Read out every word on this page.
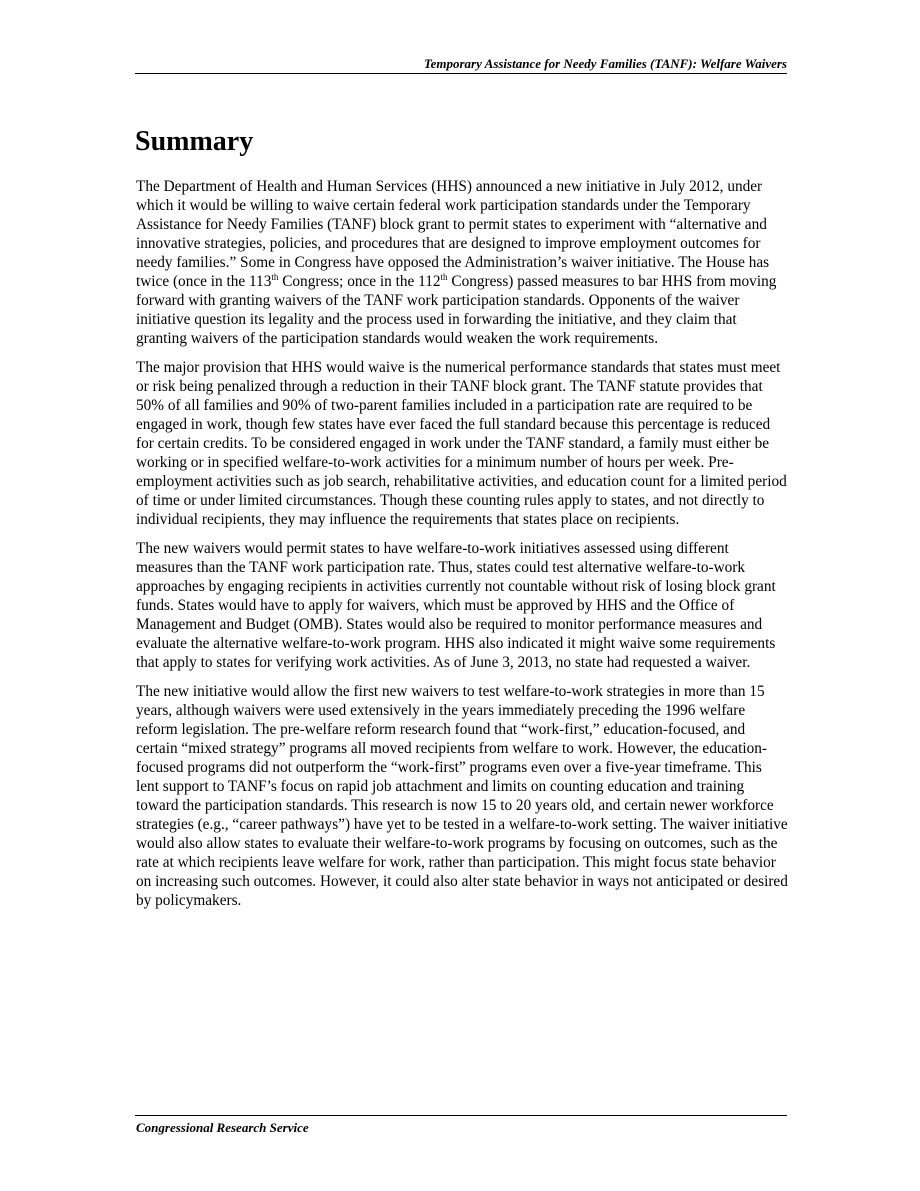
Temporary Assistance for Needy Families (TANF): Welfare Waivers
Summary

The Department of Health and Human Services (HHS) announced a new initiative in July 2012, under which it would be willing to waive certain federal work participation standards under the Temporary Assistance for Needy Families (TANF) block grant to permit states to experiment with “alternative and innovative strategies, policies, and procedures that are designed to improve employment outcomes for needy families.” Some in Congress have opposed the Administration’s waiver initiative. The House has twice (once in the 113th Congress; once in the 112th Congress) passed measures to bar HHS from moving forward with granting waivers of the TANF work participation standards. Opponents of the waiver initiative question its legality and the process used in forwarding the initiative, and they claim that granting waivers of the participation standards would weaken the work requirements.

The major provision that HHS would waive is the numerical performance standards that states must meet or risk being penalized through a reduction in their TANF block grant. The TANF statute provides that 50% of all families and 90% of two-parent families included in a participation rate are required to be engaged in work, though few states have ever faced the full standard because this percentage is reduced for certain credits. To be considered engaged in work under the TANF standard, a family must either be working or in specified welfare-to-work activities for a minimum number of hours per week. Pre-employment activities such as job search, rehabilitative activities, and education count for a limited period of time or under limited circumstances. Though these counting rules apply to states, and not directly to individual recipients, they may influence the requirements that states place on recipients.

The new waivers would permit states to have welfare-to-work initiatives assessed using different measures than the TANF work participation rate. Thus, states could test alternative welfare-to-work approaches by engaging recipients in activities currently not countable without risk of losing block grant funds. States would have to apply for waivers, which must be approved by HHS and the Office of Management and Budget (OMB). States would also be required to monitor performance measures and evaluate the alternative welfare-to-work program. HHS also indicated it might waive some requirements that apply to states for verifying work activities. As of June 3, 2013, no state had requested a waiver.

The new initiative would allow the first new waivers to test welfare-to-work strategies in more than 15 years, although waivers were used extensively in the years immediately preceding the 1996 welfare reform legislation. The pre-welfare reform research found that “work-first,” education-focused, and certain “mixed strategy” programs all moved recipients from welfare to work. However, the education-focused programs did not outperform the “work-first” programs even over a five-year timeframe. This lent support to TANF’s focus on rapid job attachment and limits on counting education and training toward the participation standards. This research is now 15 to 20 years old, and certain newer workforce strategies (e.g., “career pathways”) have yet to be tested in a welfare-to-work setting. The waiver initiative would also allow states to evaluate their welfare-to-work programs by focusing on outcomes, such as the rate at which recipients leave welfare for work, rather than participation. This might focus state behavior on increasing such outcomes. However, it could also alter state behavior in ways not anticipated or desired by policymakers.

Congressional Research Service
